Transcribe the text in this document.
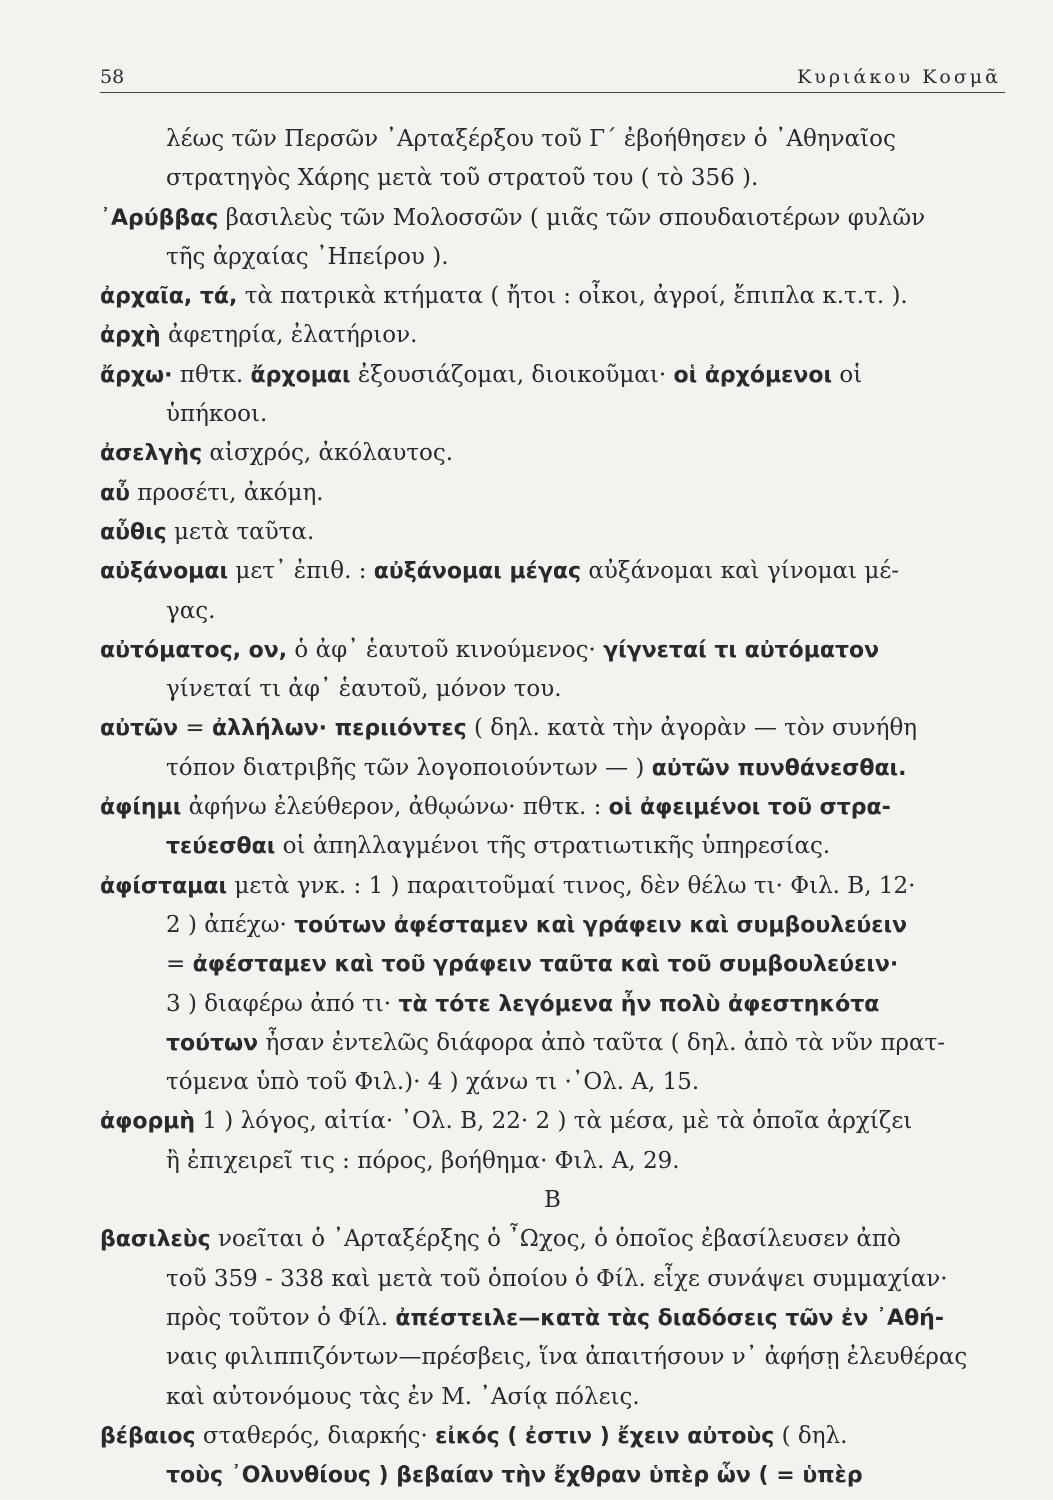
58	Κυριάκου Κοσμᾶ
λέως τῶν Περσῶν ᾿Αρταξέρξου τοῦ Γ΄ ἐβοήθησεν ὁ ᾿Αθηναῖος
στρατηγὸς Χάρης μετὰ τοῦ στρατοῦ του ( τὸ 356 ).
᾿Αρύββας βασιλεὺς τῶν Μολοσσῶν ( μιᾶς τῶν σπουδαιοτέρων φυλῶν
τῆς ἀρχαίας ᾿Ηπείρου ).
ἀρχαῖα, τά, τὰ πατρικὰ κτήματα ( ἤτοι : οἶκοι, ἀγροί, ἔπιπλα κ.τ.τ. ).
ἀρχὴ ἀφετηρία, ἐλατήριον.
ἄρχω· πθτκ. ἄρχομαι ἐξουσιάζομαι, διοικοῦμαι· οἱ ἀρχόμενοι οἱ
ὑπήκοοι.
ἀσελγὴς αἰσχρός, ἀκόλαυτος.
αὖ προσέτι, ἀκόμη.
αὖθις μετὰ ταῦτα.
αὐξάνομαι μετ᾿ ἐπιθ. : αὐξάνομαι μέγας αὐξάνομαι καὶ γίνομαι μέ-
γας.
αὐτόματος, ον, ὁ ἀφ᾿ ἑαυτοῦ κινούμενος· γίγνεταί τι αὐτόματον
γίνεταί τι ἀφ᾿ ἑαυτοῦ, μόνον του.
αὐτῶν = ἀλλήλων· περιιόντες ( δηλ. κατὰ τὴν ἀγορὰν — τὸν συνήθη
τόπον διατριβῆς τῶν λογοποιούντων — ) αὐτῶν πυνθάνεσθαι.
ἀφίημι ἀφήνω ἐλεύθερον, ἀθῳώνω· πθτκ. : οἱ ἀφειμένοι τοῦ στρα-
τεύεσθαι οἱ ἀπηλλαγμένοι τῆς στρατιωτικῆς ὑπηρεσίας.
ἀφίσταμαι μετὰ γνκ. : 1 ) παραιτοῦμαί τινος, δὲν θέλω τι· Φιλ. Β, 12·
2 ) ἀπέχω· τούτων ἀφέσταμεν καὶ γράφειν καὶ συμβουλεύειν
= ἀφέσταμεν καὶ τοῦ γράφειν ταῦτα καὶ τοῦ συμβουλεύειν·
3 ) διαφέρω ἀπό τι· τὰ τότε λεγόμενα ἦν πολὺ ἀφεστηκότα
τούτων ἦσαν ἐντελῶς διάφορα ἀπὸ ταῦτα ( δηλ. ἀπὸ τὰ νῦν πρατ-
τόμενα ὑπὸ τοῦ Φιλ.)· 4 ) χάνω τι ·᾿Ολ. Α, 15.
ἀφορμὴ 1 ) λόγος, αἰτία· ᾿Ολ. Β, 22· 2 ) τὰ μέσα, μὲ τὰ ὁποῖα ἀρχίζει
ἢ ἐπιχειρεῖ τις : πόρος, βοήθημα· Φιλ. Α, 29.
Β
βασιλεὺς νοεῖται ὁ ᾿Αρταξέρξης ὁ ῏Ωχος, ὁ ὁποῖος ἐβασίλευσεν ἀπὸ
τοῦ 359 - 338 καὶ μετὰ τοῦ ὁποίου ὁ Φίλ. εἶχε συνάψει συμμαχίαν·
πρὸς τοῦτον ὁ Φίλ. ἀπέστειλε—κατὰ τὰς διαδόσεις τῶν ἐν ᾿Αθή-
ναις φιλιππιζόντων—πρέσβεις, ἵνα ἀπαιτήσουν ν᾿ ἀφήσῃ ἐλευθέρας
καὶ αὐτονόμους τὰς ἐν Μ. ᾿Ασίᾳ πόλεις.
βέβαιος σταθερός, διαρκής· εἰκός ( ἐστιν ) ἔχειν αὐτοὺς ( δηλ.
τοὺς ᾿Ολυνθίους ) βεβαίαν τὴν ἔχθραν ὑπὲρ ὧν ( = ὑπὲρ
